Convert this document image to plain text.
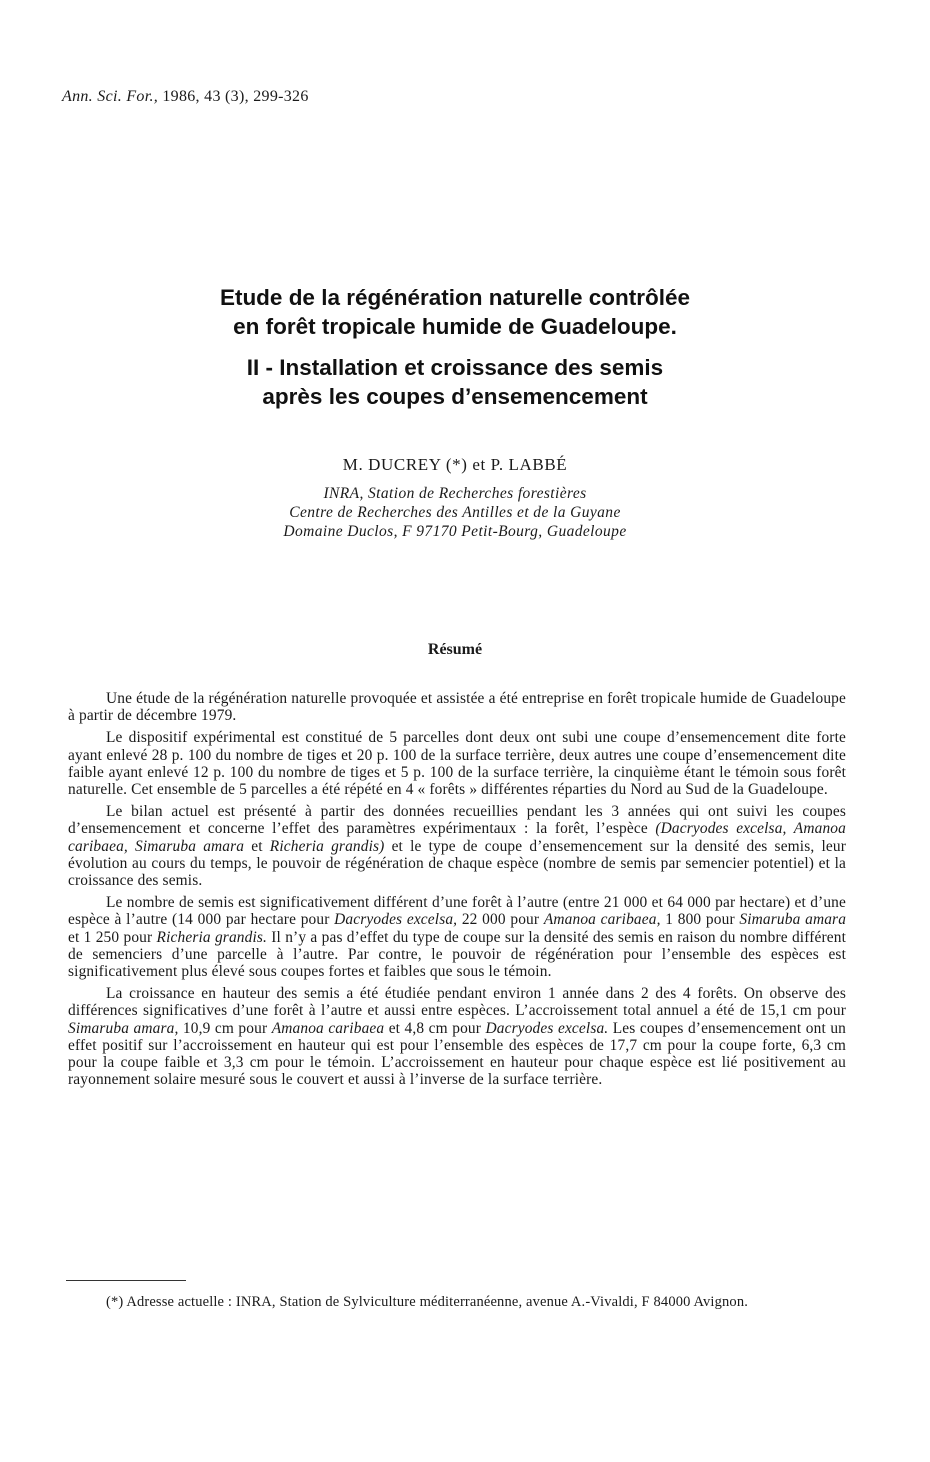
Ann. Sci. For., 1986, 43 (3), 299-326
Etude de la régénération naturelle contrôlée
en forêt tropicale humide de Guadeloupe.
II - Installation et croissance des semis
après les coupes d’ensemencement
M. DUCREY (*) et P. LABBÉ
INRA, Station de Recherches forestières
Centre de Recherches des Antilles et de la Guyane
Domaine Duclos, F 97170 Petit-Bourg, Guadeloupe
Résumé

Une étude de la régénération naturelle provoquée et assistée a été entreprise en forêt tropicale humide de Guadeloupe à partir de décembre 1979.

Le dispositif expérimental est constitué de 5 parcelles dont deux ont subi une coupe d’ensemencement dite forte ayant enlevé 28 p. 100 du nombre de tiges et 20 p. 100 de la surface terrière, deux autres une coupe d’ensemencement dite faible ayant enlevé 12 p. 100 du nombre de tiges et 5 p. 100 de la surface terrière, la cinquième étant le témoin sous forêt naturelle. Cet ensemble de 5 parcelles a été répété en 4 « forêts » différentes réparties du Nord au Sud de la Guadeloupe.

Le bilan actuel est présenté à partir des données recueillies pendant les 3 années qui ont suivi les coupes d’ensemencement et concerne l’effet des paramètres expérimentaux : la forêt, l’espèce (Dacryodes excelsa, Amanoa caribaea, Simaruba amara et Richeria grandis) et le type de coupe d’ensemencement sur la densité des semis, leur évolution au cours du temps, le pouvoir de régénération de chaque espèce (nombre de semis par semencier potentiel) et la croissance des semis.

Le nombre de semis est significativement différent d’une forêt à l’autre (entre 21 000 et 64 000 par hectare) et d’une espèce à l’autre (14 000 par hectare pour Dacryodes excelsa, 22 000 pour Amanoa caribaea, 1 800 pour Simaruba amara et 1 250 pour Richeria grandis. Il n’y a pas d’effet du type de coupe sur la densité des semis en raison du nombre différent de semenciers d’une parcelle à l’autre. Par contre, le pouvoir de régénération pour l’ensemble des espèces est significativement plus élevé sous coupes fortes et faibles que sous le témoin.

La croissance en hauteur des semis a été étudiée pendant environ 1 année dans 2 des 4 forêts. On observe des différences significatives d’une forêt à l’autre et aussi entre espèces. L’accroissement total annuel a été de 15,1 cm pour Simaruba amara, 10,9 cm pour Amanoa caribaea et 4,8 cm pour Dacryodes excelsa. Les coupes d’ensemencement ont un effet positif sur l’accroissement en hauteur qui est pour l’ensemble des espèces de 17,7 cm pour la coupe forte, 6,3 cm pour la coupe faible et 3,3 cm pour le témoin. L’accroissement en hauteur pour chaque espèce est lié positivement au rayonnement solaire mesuré sous le couvert et aussi à l’inverse de la surface terrière.

(*) Adresse actuelle : INRA, Station de Sylviculture méditerranéenne, avenue A.-Vivaldi, F 84000 Avignon.
